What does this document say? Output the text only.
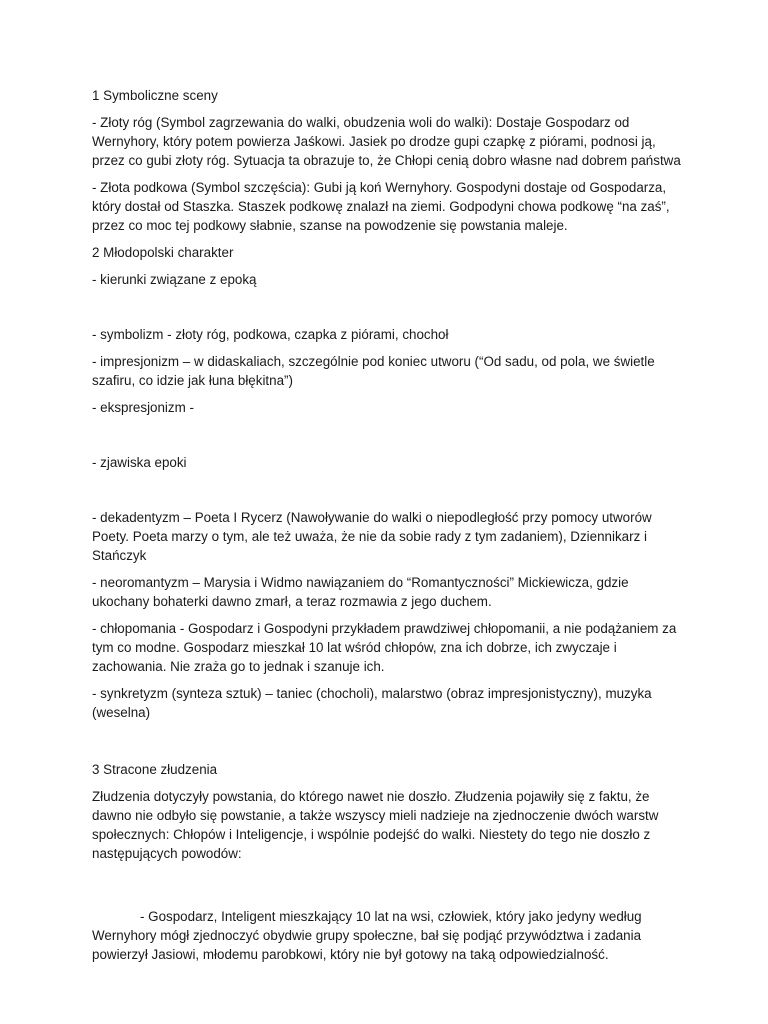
1 Symboliczne sceny

- Złoty róg (Symbol zagrzewania do walki, obudzenia woli do walki): Dostaje Gospodarz od Wernyhory, który potem powierza Jaśkowi. Jasiek po drodze gupi czapkę z piórami, podnosi ją, przez co gubi złoty róg. Sytuacja ta obrazuje to, że Chłopi cenią dobro własne nad dobrem państwa

- Złota podkowa (Symbol szczęścia): Gubi ją koń Wernyhory. Gospodyni dostaje od Gospodarza, który dostał od Staszka. Staszek podkowę znalazł na ziemi. Godpodyni chowa podkowę “na zaś”, przez co moc tej podkowy słabnie, szanse na powodzenie się powstania maleje.

2 Młodopolski charakter

- kierunki związane z epoką

- symbolizm - złoty róg, podkowa, czapka z piórami, chochoł

- impresjonizm – w didaskaliach, szczególnie pod koniec utworu (“Od sadu, od pola, we świetle szafiru, co idzie jak łuna błękitna”)

- ekspresjonizm -

- zjawiska epoki

- dekadentyzm – Poeta I Rycerz (Nawoływanie do walki o niepodległość przy pomocy utworów Poety. Poeta marzy o tym, ale też uważa, że nie da sobie rady z tym zadaniem), Dziennikarz i Stańczyk

- neoromantyzm – Marysia i Widmo nawiązaniem do “Romantyczności” Mickiewicza, gdzie ukochany bohaterki dawno zmarł, a teraz rozmawia z jego duchem.

- chłopomania - Gospodarz i Gospodyni przykładem prawdziwej chłopomanii, a nie podążaniem za tym co modne. Gospodarz mieszkał 10 lat wśród chłopów, zna ich dobrze, ich zwyczaje i zachowania. Nie zraża go to jednak i szanuje ich.

- synkretyzm (synteza sztuk) – taniec (chocholi), malarstwo (obraz impresjonistyczny), muzyka (weselna)

3 Stracone złudzenia

Złudzenia dotyczyły powstania, do którego nawet nie doszło. Złudzenia pojawiły się z faktu, że dawno nie odbyło się powstanie, a także wszyscy mieli nadzieje na zjednoczenie dwóch warstw społecznych: Chłopów i Inteligencje, i wspólnie podejść do walki. Niestety do tego nie doszło z następujących powodów:

- Gospodarz, Inteligent mieszkający 10 lat na wsi, człowiek, który jako jedyny według Wernyhory mógł zjednoczyć obydwie grupy społeczne, bał się podjąć przywództwa i zadania powierzył Jasiowi, młodemu parobkowi, który nie był gotowy na taką odpowiedzialność.
